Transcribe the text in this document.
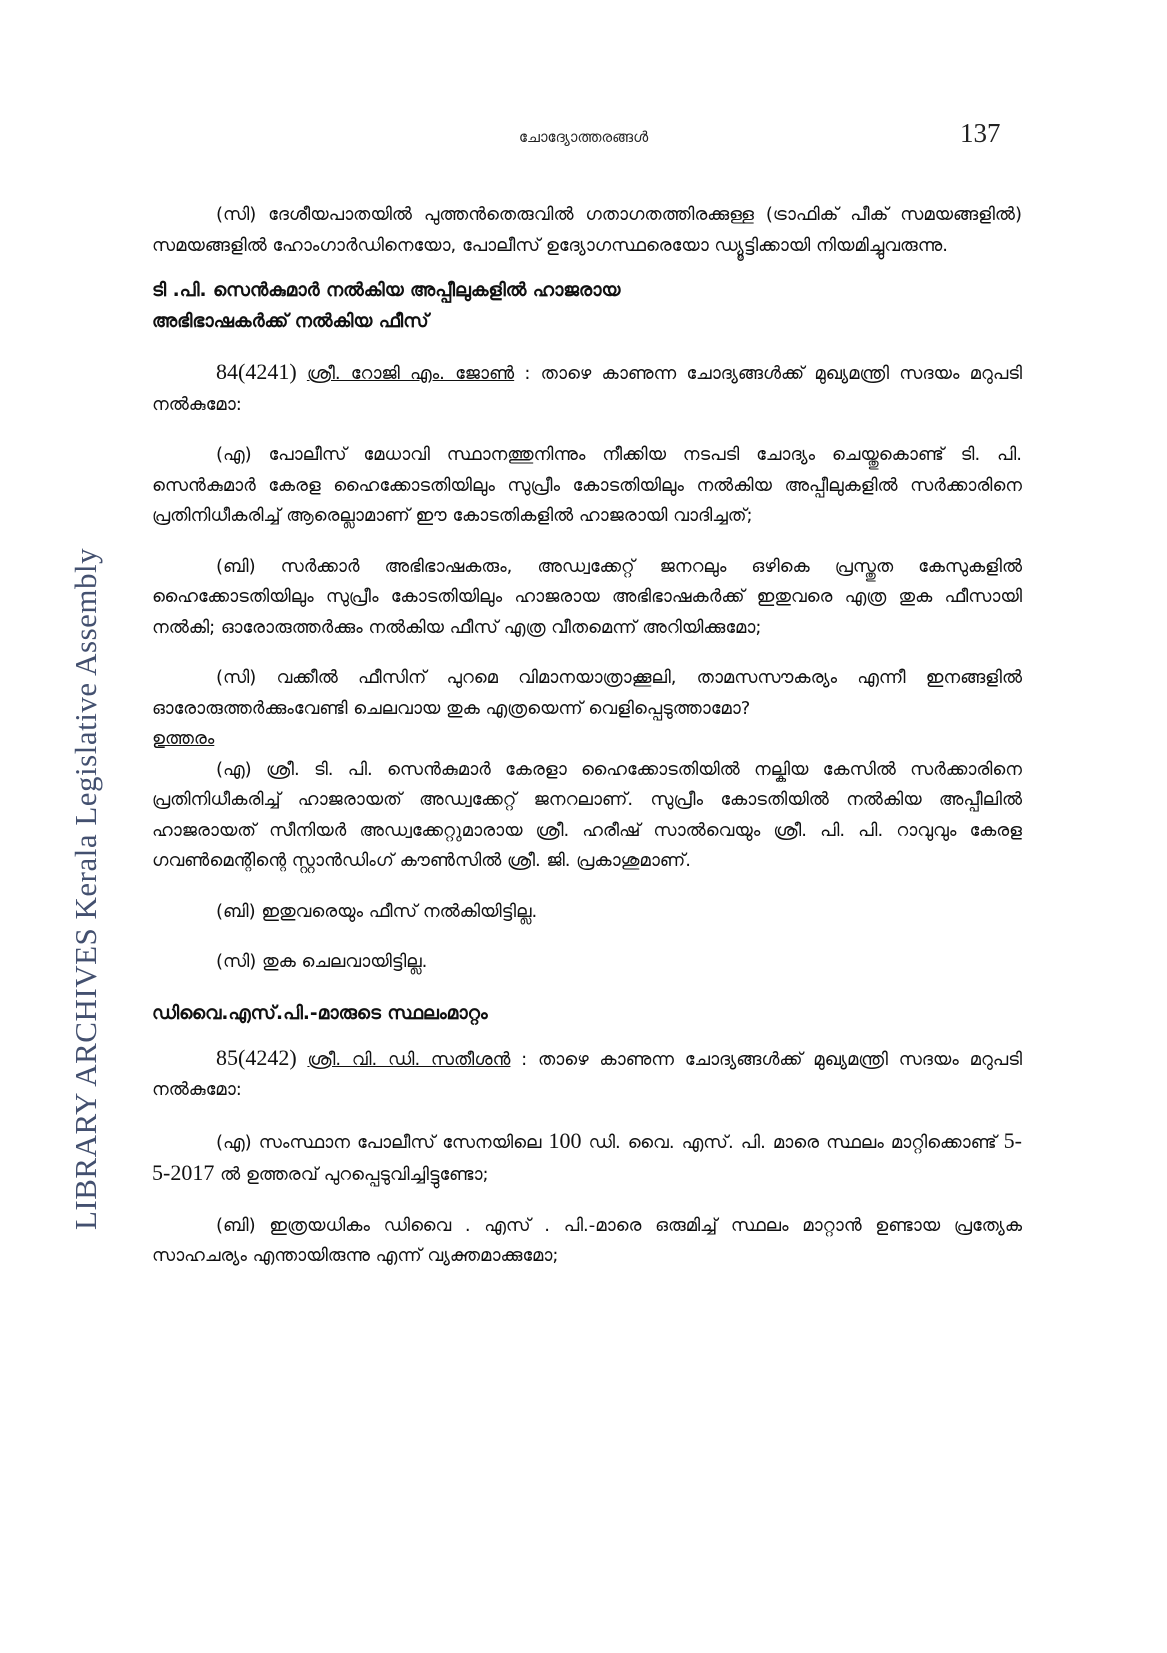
LIBRARY ARCHIVES Kerala Legislative Assembly
ചോദ്യോത്തരങ്ങൾ	137

(സി) ദേശീയപാതയിൽ പുത്തൻതെരുവിൽ ഗതാഗതത്തിരക്കുള്ള (ട്രാഫിക് പീക് സമയങ്ങളിൽ) സമയങ്ങളിൽ ഹോംഗാർഡിനെയോ, പോലീസ് ഉദ്യോഗസ്ഥരെയോ ഡ്യൂട്ടിക്കായി നിയമിച്ചുവരുന്നു.

ടി .പി. സെൻകുമാർ നൽകിയ അപ്പീലുകളിൽ ഹാജരായ

അഭിഭാഷകർക്ക് നൽകിയ ഫീസ്

84(4241) ശ്രീ. റോജി എം. ജോൺ : താഴെ കാണുന്ന ചോദ്യങ്ങൾക്ക് മുഖ്യമന്ത്രി സദയം മറുപടി നൽകുമോ:

(എ) പോലീസ് മേധാവി സ്ഥാനത്തുനിന്നും നീക്കിയ നടപടി ചോദ്യം ചെയ്തുകൊണ്ട് ടി. പി. സെൻകുമാർ കേരള ഹൈക്കോടതിയിലും സുപ്രീം കോടതിയിലും നൽകിയ അപ്പീലുകളിൽ സർക്കാരിനെ പ്രതിനിധീകരിച്ച് ആരെല്ലാമാണ് ഈ കോടതികളിൽ ഹാജരായി വാദിച്ചത്;

(ബി) സർക്കാർ അഭിഭാഷകരും, അഡ്വക്കേറ്റ് ജനറലും ഒഴികെ പ്രസ്തുത കേസുകളിൽ ഹൈക്കോടതിയിലും സുപ്രീം കോടതിയിലും ഹാജരായ അഭിഭാഷകർക്ക് ഇതുവരെ എത്ര തുക ഫീസായി നൽകി; ഓരോരുത്തർക്കും നൽകിയ ഫീസ് എത്ര വീതമെന്ന് അറിയിക്കുമോ;

(സി) വക്കീൽ ഫീസിന് പുറമെ വിമാനയാത്രാക്കൂലി, താമസസൗകര്യം എന്നീ ഇനങ്ങളിൽ ഓരോരുത്തർക്കുംവേണ്ടി ചെലവായ തുക എത്രയെന്ന് വെളിപ്പെടുത്താമോ?

ഉത്തരം

(എ) ശ്രീ. ടി. പി. സെൻകുമാർ കേരളാ ഹൈക്കോടതിയിൽ നല്കിയ കേസിൽ സർക്കാരിനെ പ്രതിനിധീകരിച്ച് ഹാജരായത് അഡ്വക്കേറ്റ് ജനറലാണ്. സുപ്രീം കോടതിയിൽ നൽകിയ അപ്പീലിൽ ഹാജരായത് സീനിയർ അഡ്വക്കേറ്റുമാരായ ശ്രീ. ഹരീഷ് സാൽവെയും ശ്രീ. പി. പി. റാവുവും കേരള ഗവൺമെന്റിന്റെ സ്റ്റാൻഡിംഗ് കൗൺസിൽ ശ്രീ. ജി. പ്രകാശുമാണ്.

(ബി) ഇതുവരെയും ഫീസ് നൽകിയിട്ടില്ല.

(സി) തുക ചെലവായിട്ടില്ല.

ഡിവൈ.എസ്.പി.-മാരുടെ സ്ഥലംമാറ്റം

85(4242) ശ്രീ. വി. ഡി. സതീശൻ : താഴെ കാണുന്ന ചോദ്യങ്ങൾക്ക് മുഖ്യമന്ത്രി സദയം മറുപടി നൽകുമോ:

(എ) സംസ്ഥാന പോലീസ് സേനയിലെ 100 ഡി. വൈ. എസ്. പി. മാരെ സ്ഥലം മാറ്റിക്കൊണ്ട് 5-5-2017 ൽ ഉത്തരവ് പുറപ്പെടുവിച്ചിട്ടുണ്ടോ;

(ബി) ഇത്രയധികം ഡിവൈ . എസ് . പി.-മാരെ ഒരുമിച്ച് സ്ഥലം മാറ്റാൻ ഉണ്ടായ പ്രത്യേക സാഹചര്യം എന്തായിരുന്നു എന്ന് വ്യക്തമാക്കുമോ;
